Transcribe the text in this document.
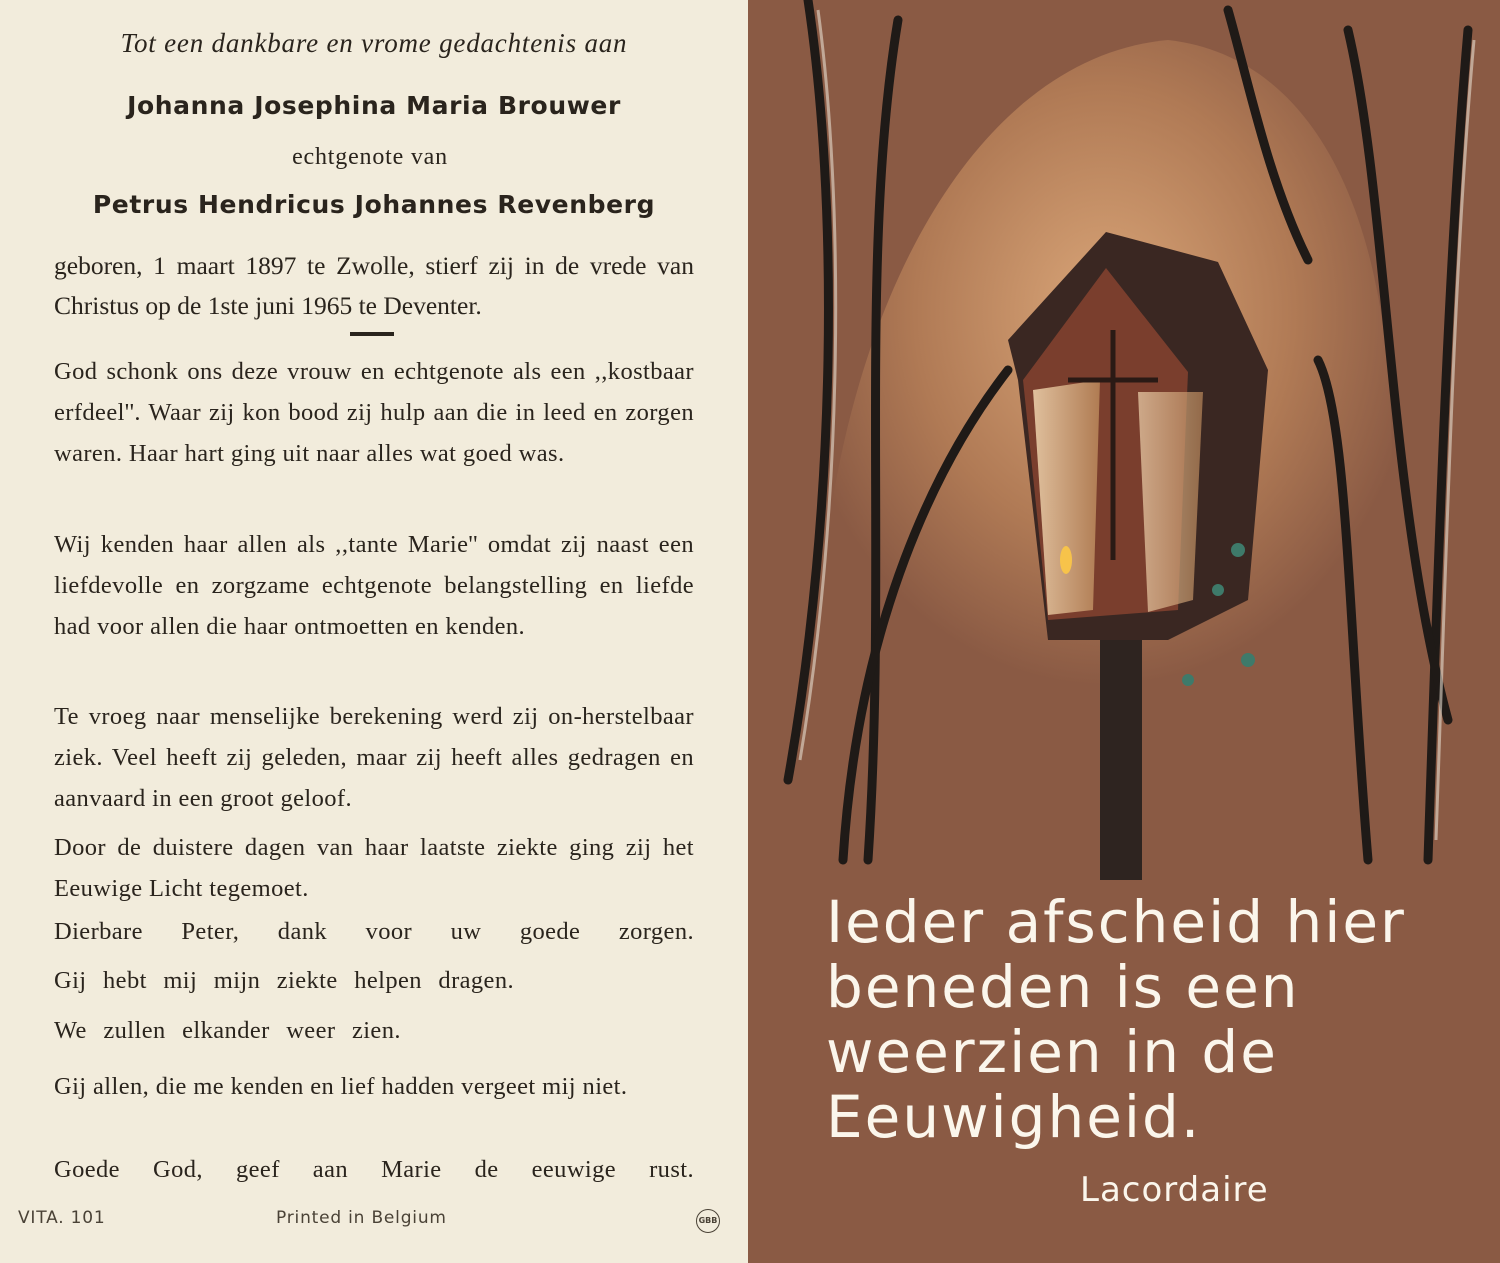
Tot een dankbare en vrome gedachtenis aan
Johanna Josephina Maria Brouwer
echtgenote van
Petrus Hendricus Johannes Revenberg
geboren, 1 maart 1897 te Zwolle, stierf zij in de vrede van Christus op de 1ste juni 1965 te Deventer.
God schonk ons deze vrouw en echtgenote als een ,,kostbaar erfdeel''. Waar zij kon bood zij hulp aan die in leed en zorgen waren. Haar hart ging uit naar alles wat goed was.
Wij kenden haar allen als ,,tante Marie'' omdat zij naast een liefdevolle en zorgzame echtgenote belangstelling en liefde had voor allen die haar ontmoetten en kenden.
Te vroeg naar menselijke berekening werd zij on-herstelbaar ziek. Veel heeft zij geleden, maar zij heeft alles gedragen en aanvaard in een groot geloof.
Door de duistere dagen van haar laatste ziekte ging zij het Eeuwige Licht tegemoet.
Dierbare Peter, dank voor uw goede zorgen.
Gij hebt mij mijn ziekte helpen dragen.
We zullen elkander weer zien.
Gij allen, die me kenden en lief hadden vergeet mij niet.
Goede God, geef aan Marie de eeuwige rust.
VITA. 101	Printed in Belgium	GBB
Ieder afscheid hier beneden is een weerzien in de Eeuwigheid.
Lacordaire
